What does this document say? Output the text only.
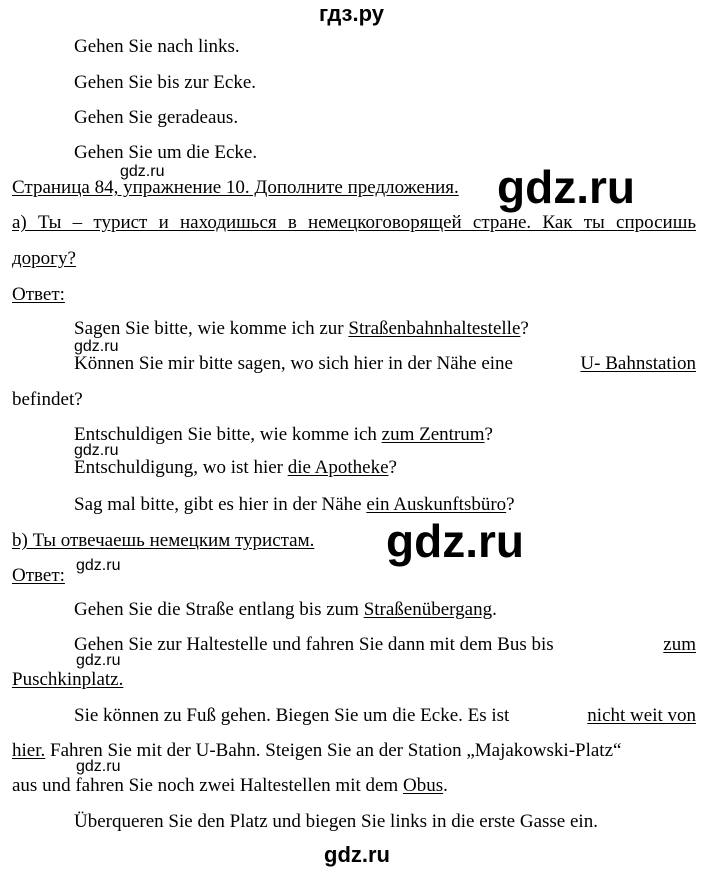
гдз.ру
Gehen Sie nach links.
Gehen Sie bis zur Ecke.
Gehen Sie geradeaus.
Gehen Sie um die Ecke.
gdz.ru
Страница 84, упражнение 10. Дополните предложения. gdz.ru
а) Ты – турист и находишься в немецкоговорящей стране. Как ты спросишь
дорогу?
Ответ:
Sagen Sie bitte, wie komme ich zur Straßenbahnhaltestelle?
gdz.ru
Können Sie mir bitte sagen, wo sich hier in der Nähe eine	U- Bahnstation
befindet?
Entschuldigen Sie bitte, wie komme ich zum Zentrum?
gdz.ru
Entschuldigung, wo ist hier die Apotheke?
Sag mal bitte, gibt es hier in der Nähe ein Auskunftsbüro?
gdz.ru
b) Ты отвечаешь немецким туристам.
Ответ: gdz.ru
Gehen Sie die Straße entlang bis zum Straßenübergang.
Gehen Sie zur Haltestelle und fahren Sie dann mit dem Bus bis	zum
gdz.ru
Puschkinplatz.
Sie können zu Fuß gehen. Biegen Sie um die Ecke. Es ist	nicht weit von
hier. Fahren Sie mit der U-Bahn. Steigen Sie an der Station „Majakowski-Platz“
gdz.ru
aus und fahren Sie noch zwei Haltestellen mit dem Obus.
Überqueren Sie den Platz und biegen Sie links in die erste Gasse ein.
gdz.ru
